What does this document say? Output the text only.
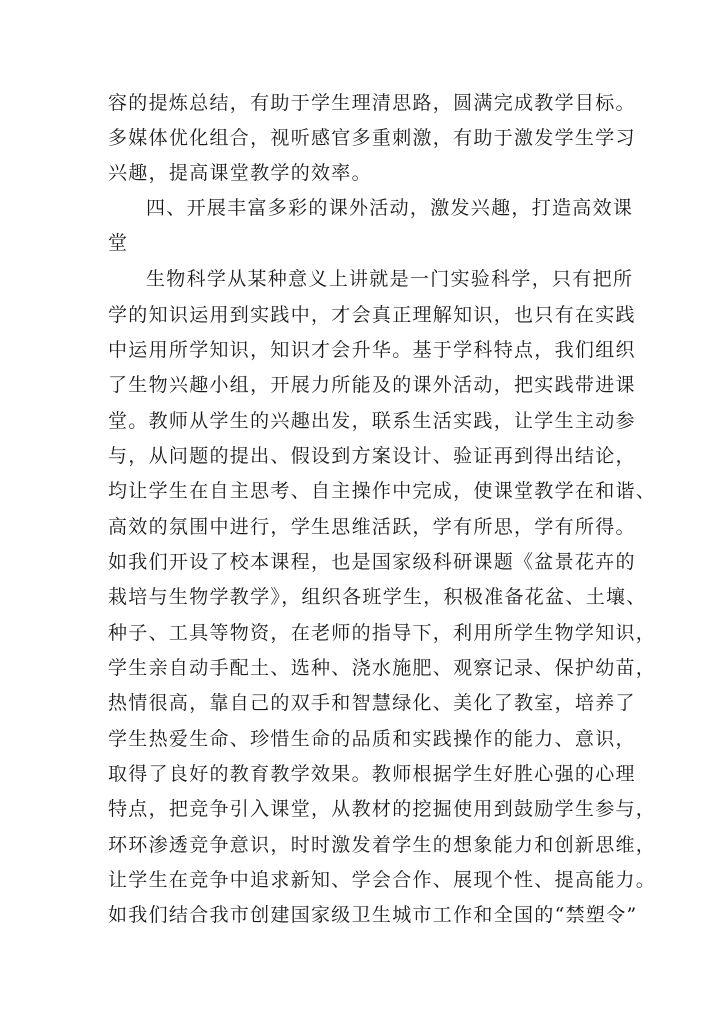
容的提炼总结，有助于学生理清思路，圆满完成教学目标。
多媒体优化组合，视听感官多重刺激，有助于激发学生学习
兴趣，提高课堂教学的效率。
四、开展丰富多彩的课外活动，激发兴趣，打造高效课
堂
生物科学从某种意义上讲就是一门实验科学，只有把所
学的知识运用到实践中，才会真正理解知识，也只有在实践
中运用所学知识，知识才会升华。基于学科特点，我们组织
了生物兴趣小组，开展力所能及的课外活动，把实践带进课
堂。教师从学生的兴趣出发，联系生活实践，让学生主动参
与，从问题的提出、假设到方案设计、验证再到得出结论，
均让学生在自主思考、自主操作中完成，使课堂教学在和谐、
高效的氛围中进行，学生思维活跃，学有所思，学有所得。
如我们开设了校本课程，也是国家级科研课题《盆景花卉的
栽培与生物学教学》，组织各班学生，积极准备花盆、土壤、
种子、工具等物资，在老师的指导下，利用所学生物学知识，
学生亲自动手配土、选种、浇水施肥、观察记录、保护幼苗，
热情很高，靠自己的双手和智慧绿化、美化了教室，培养了
学生热爱生命、珍惜生命的品质和实践操作的能力、意识，
取得了良好的教育教学效果。教师根据学生好胜心强的心理
特点，把竞争引入课堂，从教材的挖掘使用到鼓励学生参与，
环环渗透竞争意识，时时激发着学生的想象能力和创新思维，
让学生在竞争中追求新知、学会合作、展现个性、提高能力。
如我们结合我市创建国家级卫生城市工作和全国的“禁塑令”
